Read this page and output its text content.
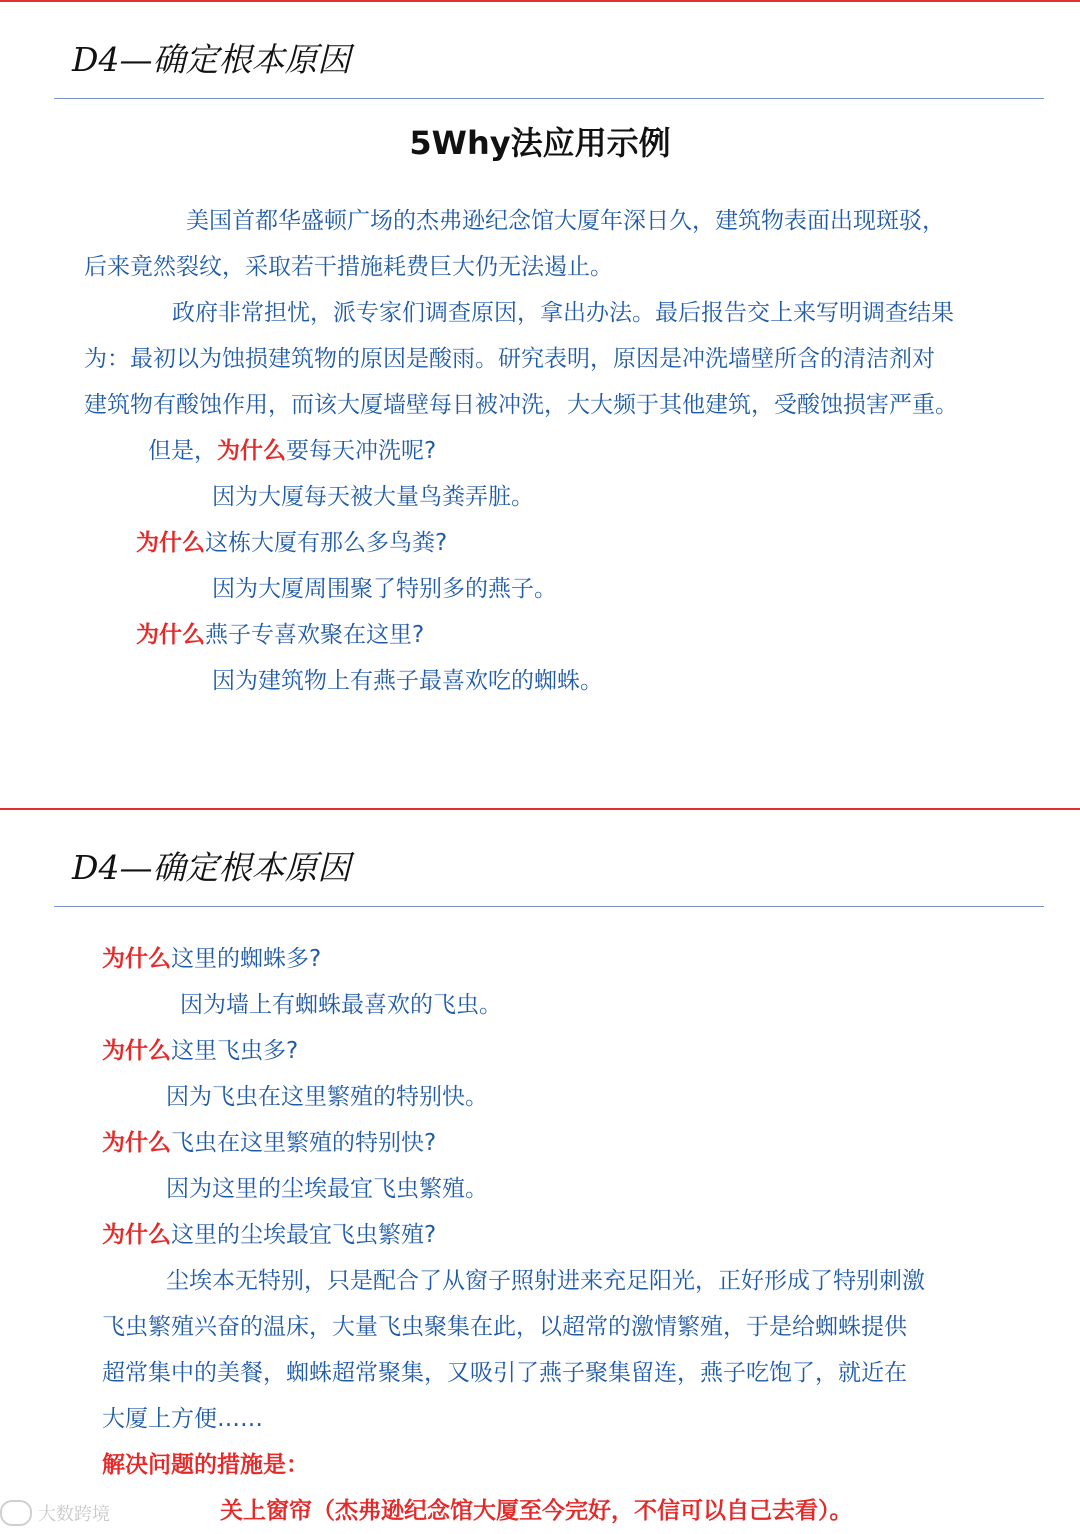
D4—确定根本原因
5Why法应用示例
美国首都华盛顿广场的杰弗逊纪念馆大厦年深日久，建筑物表面出现斑驳，
后来竟然裂纹，采取若干措施耗费巨大仍无法遏止。
政府非常担忧，派专家们调查原因，拿出办法。最后报告交上来写明调查结果
为：最初以为蚀损建筑物的原因是酸雨。研究表明，原因是冲洗墙壁所含的清洁剂对
建筑物有酸蚀作用，而该大厦墙壁每日被冲洗，大大频于其他建筑，受酸蚀损害严重。
但是，为什么要每天冲洗呢?
因为大厦每天被大量鸟粪弄脏。
为什么这栋大厦有那么多鸟粪?
因为大厦周围聚了特别多的燕子。
为什么燕子专喜欢聚在这里?
因为建筑物上有燕子最喜欢吃的蜘蛛。
D4—确定根本原因
为什么这里的蜘蛛多?
因为墙上有蜘蛛最喜欢的飞虫。
为什么这里飞虫多?
因为飞虫在这里繁殖的特别快。
为什么飞虫在这里繁殖的特别快?
因为这里的尘埃最宜飞虫繁殖。
为什么这里的尘埃最宜飞虫繁殖?
尘埃本无特别，只是配合了从窗子照射进来充足阳光，正好形成了特别刺激
飞虫繁殖兴奋的温床，大量飞虫聚集在此，以超常的激情繁殖，于是给蜘蛛提供
超常集中的美餐，蜘蛛超常聚集，又吸引了燕子聚集留连，燕子吃饱了，就近在
大厦上方便……
解决问题的措施是：
关上窗帘（杰弗逊纪念馆大厦至今完好，不信可以自己去看）。
大数跨境
